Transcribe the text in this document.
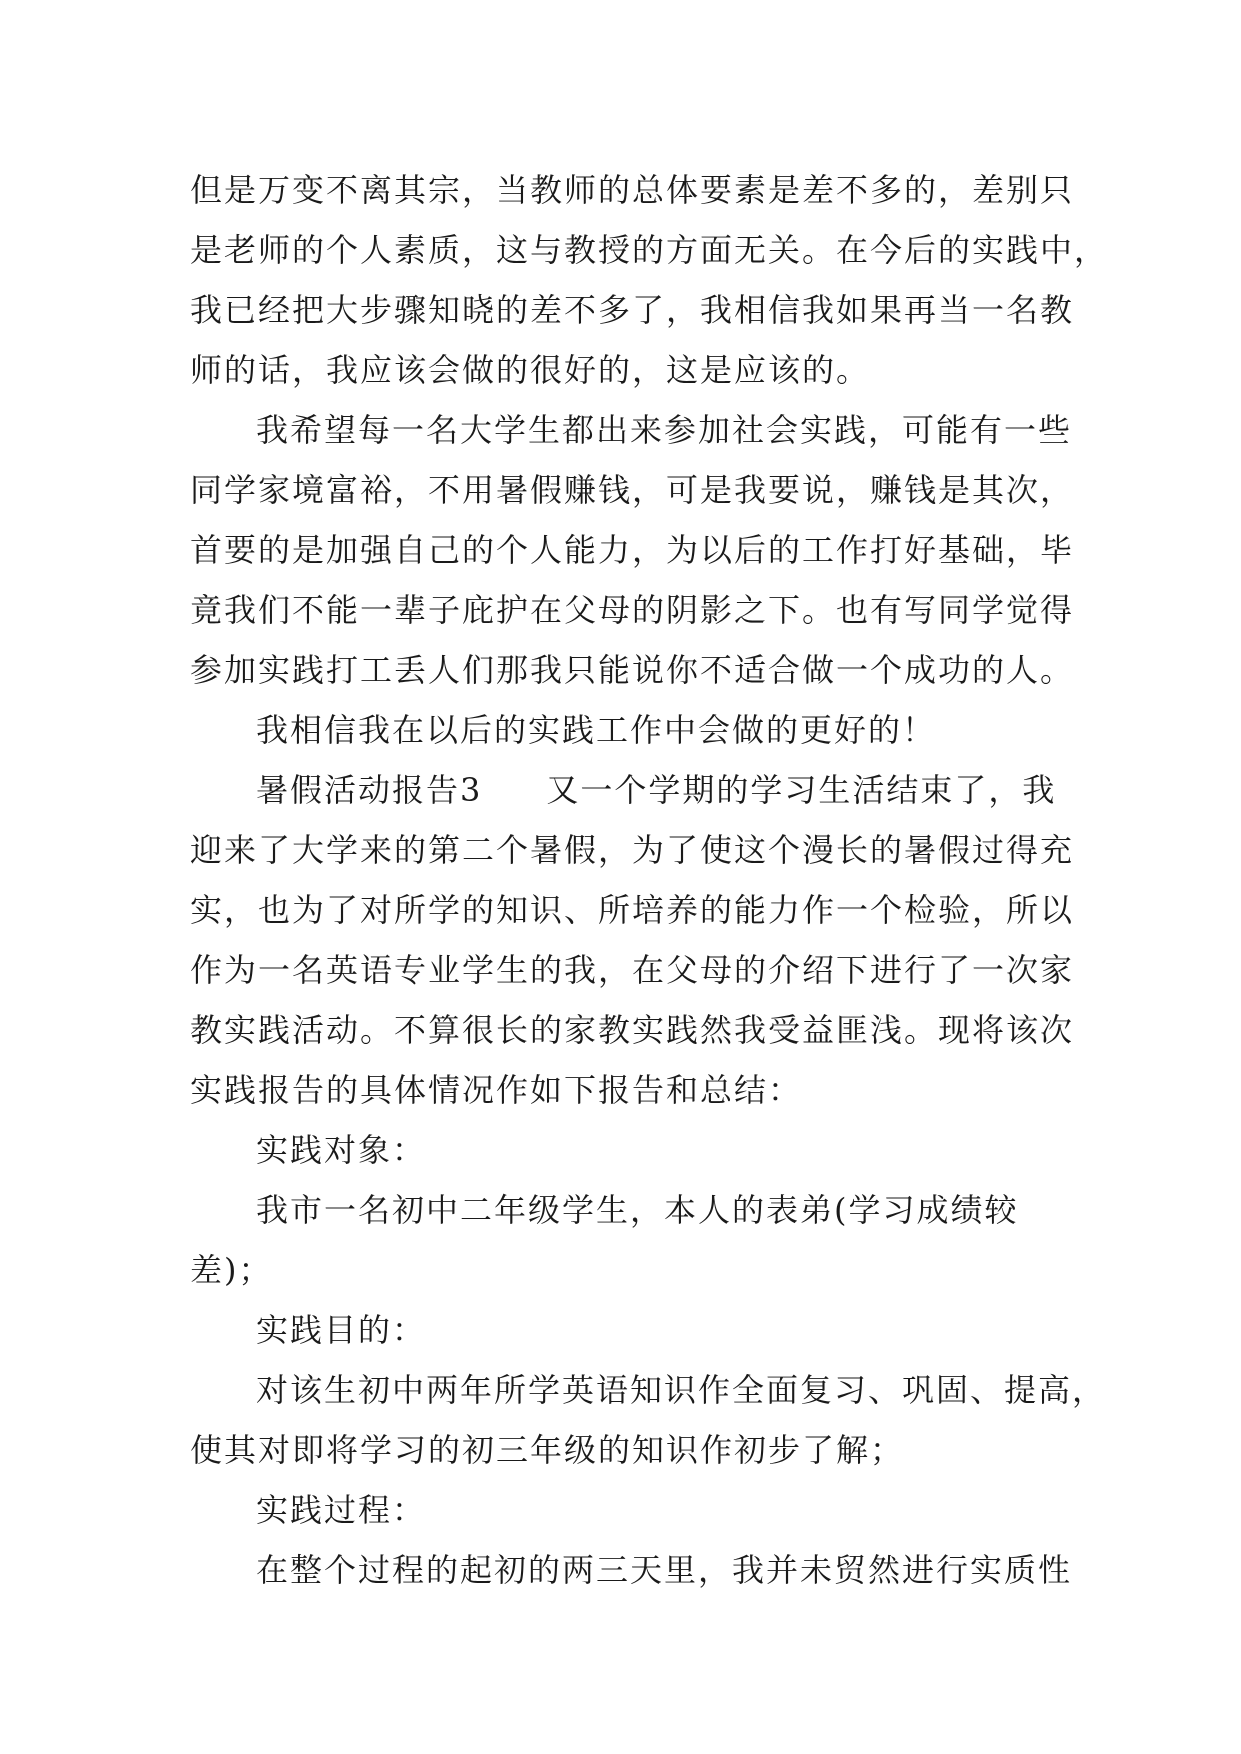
但是万变不离其宗，当教师的总体要素是差不多的，差别只
是老师的个人素质，这与教授的方面无关。在今后的实践中，
我已经把大步骤知晓的差不多了，我相信我如果再当一名教
师的话，我应该会做的很好的，这是应该的。
我希望每一名大学生都出来参加社会实践，可能有一些
同学家境富裕，不用暑假赚钱，可是我要说，赚钱是其次，
首要的是加强自己的个人能力，为以后的工作打好基础，毕
竟我们不能一辈子庇护在父母的阴影之下。也有写同学觉得
参加实践打工丢人们那我只能说你不适合做一个成功的人。
我相信我在以后的实践工作中会做的更好的！
暑假活动报告3 又一个学期的学习生活结束了，我
迎来了大学来的第二个暑假，为了使这个漫长的暑假过得充
实，也为了对所学的知识、所培养的能力作一个检验，所以
作为一名英语专业学生的我，在父母的介绍下进行了一次家
教实践活动。不算很长的家教实践然我受益匪浅。现将该次
实践报告的具体情况作如下报告和总结：
实践对象：
我市一名初中二年级学生，本人的表弟(学习成绩较
差)；
实践目的：
对该生初中两年所学英语知识作全面复习、巩固、提高，
使其对即将学习的初三年级的知识作初步了解；
实践过程：
在整个过程的起初的两三天里，我并未贸然进行实质性
